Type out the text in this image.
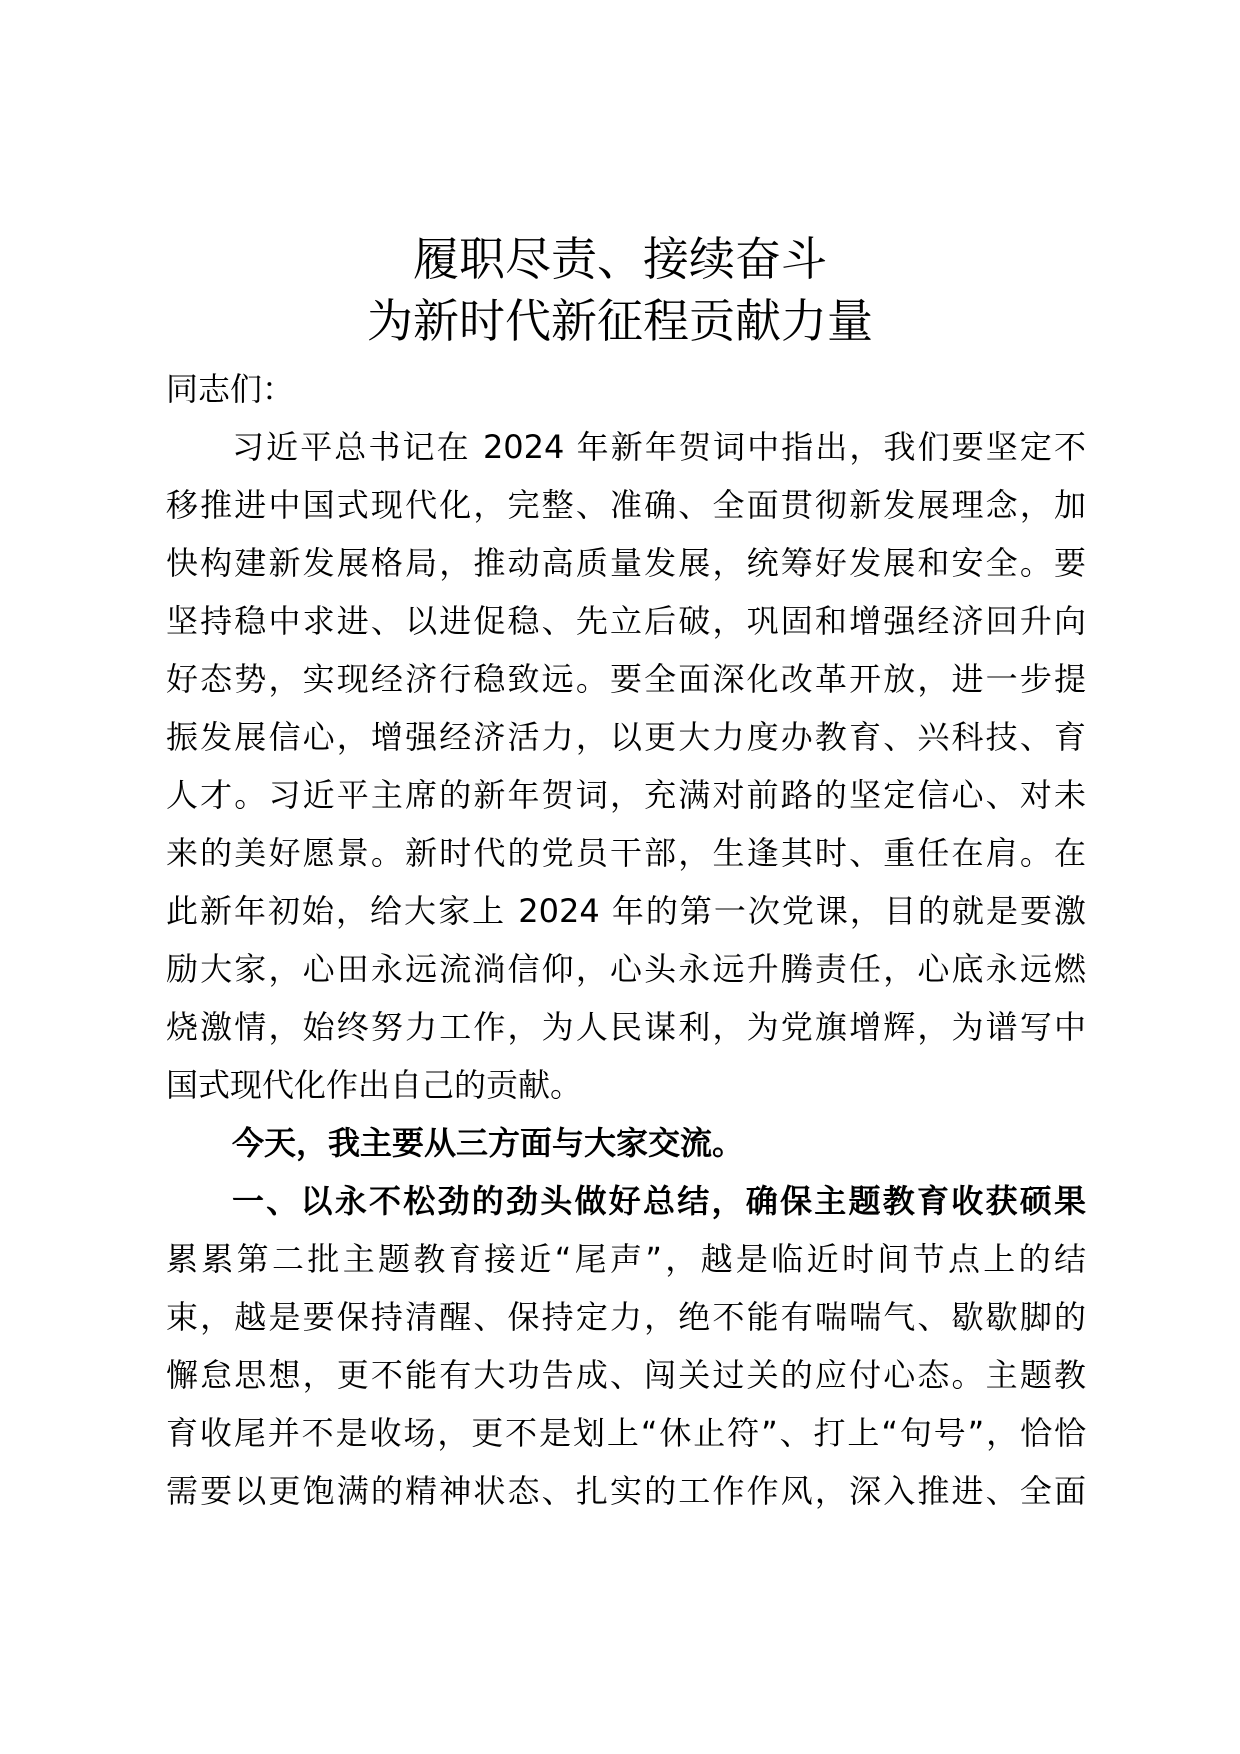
履职尽责、接续奋斗

为新时代新征程贡献力量

同志们：

习近平总书记在 2024 年新年贺词中指出，我们要坚定不

移推进中国式现代化，完整、准确、全面贯彻新发展理念，加

快构建新发展格局，推动高质量发展，统筹好发展和安全。要

坚持稳中求进、以进促稳、先立后破，巩固和增强经济回升向

好态势，实现经济行稳致远。要全面深化改革开放，进一步提

振发展信心，增强经济活力，以更大力度办教育、兴科技、育

人才。习近平主席的新年贺词，充满对前路的坚定信心、对未

来的美好愿景。新时代的党员干部，生逢其时、重任在肩。在

此新年初始，给大家上 2024 年的第一次党课，目的就是要激

励大家，心田永远流淌信仰，心头永远升腾责任，心底永远燃

烧激情，始终努力工作，为人民谋利，为党旗增辉，为谱写中

国式现代化作出自己的贡献。

今天，我主要从三方面与大家交流。

一、以永不松劲的劲头做好总结，确保主题教育收获硕果

累累第二批主题教育接近“尾声”，越是临近时间节点上的结

束，越是要保持清醒、保持定力，绝不能有喘喘气、歇歇脚的

懈怠思想，更不能有大功告成、闯关过关的应付心态。主题教

育收尾并不是收场，更不是划上“休止符”、打上“句号”，恰恰

需要以更饱满的精神状态、扎实的工作作风，深入推进、全面
